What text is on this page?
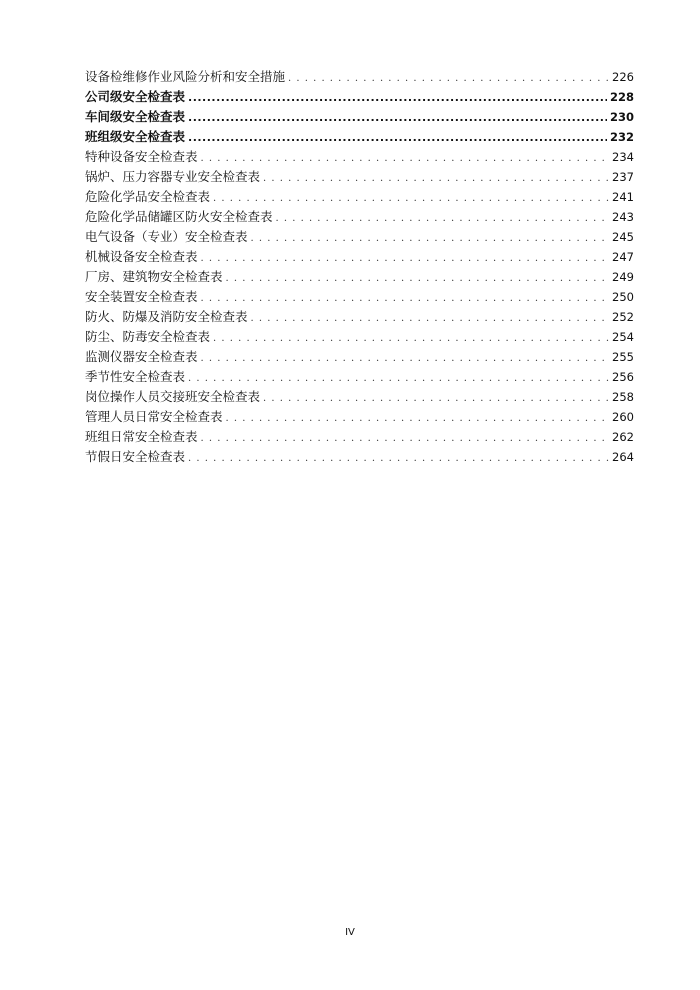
设备检维修作业风险分析和安全措施 . . .	226
公司级安全检查表 .....	228
车间级安全检查表 .....	230
班组级安全检查表 .....	232
特种设备安全检查表 . . .	234
锅炉、压力容器专业安全检查表 . . .	237
危险化学品安全检查表 . . .	241
危险化学品储罐区防火安全检查表 . . .	243
电气设备（专业）安全检查表 . . .	245
机械设备安全检查表 . . .	247
厂房、建筑物安全检查表 . . .	249
安全装置安全检查表 . . .	250
防火、防爆及消防安全检查表 . . .	252
防尘、防毒安全检查表 . . .	254
监测仪器安全检查表 . . .	255
季节性安全检查表 . . .	256
岗位操作人员交接班安全检查表 . . .	258
管理人员日常安全检查表 . . .	260
班组日常安全检查表 . . .	262
节假日安全检查表 . . .	264
IV
